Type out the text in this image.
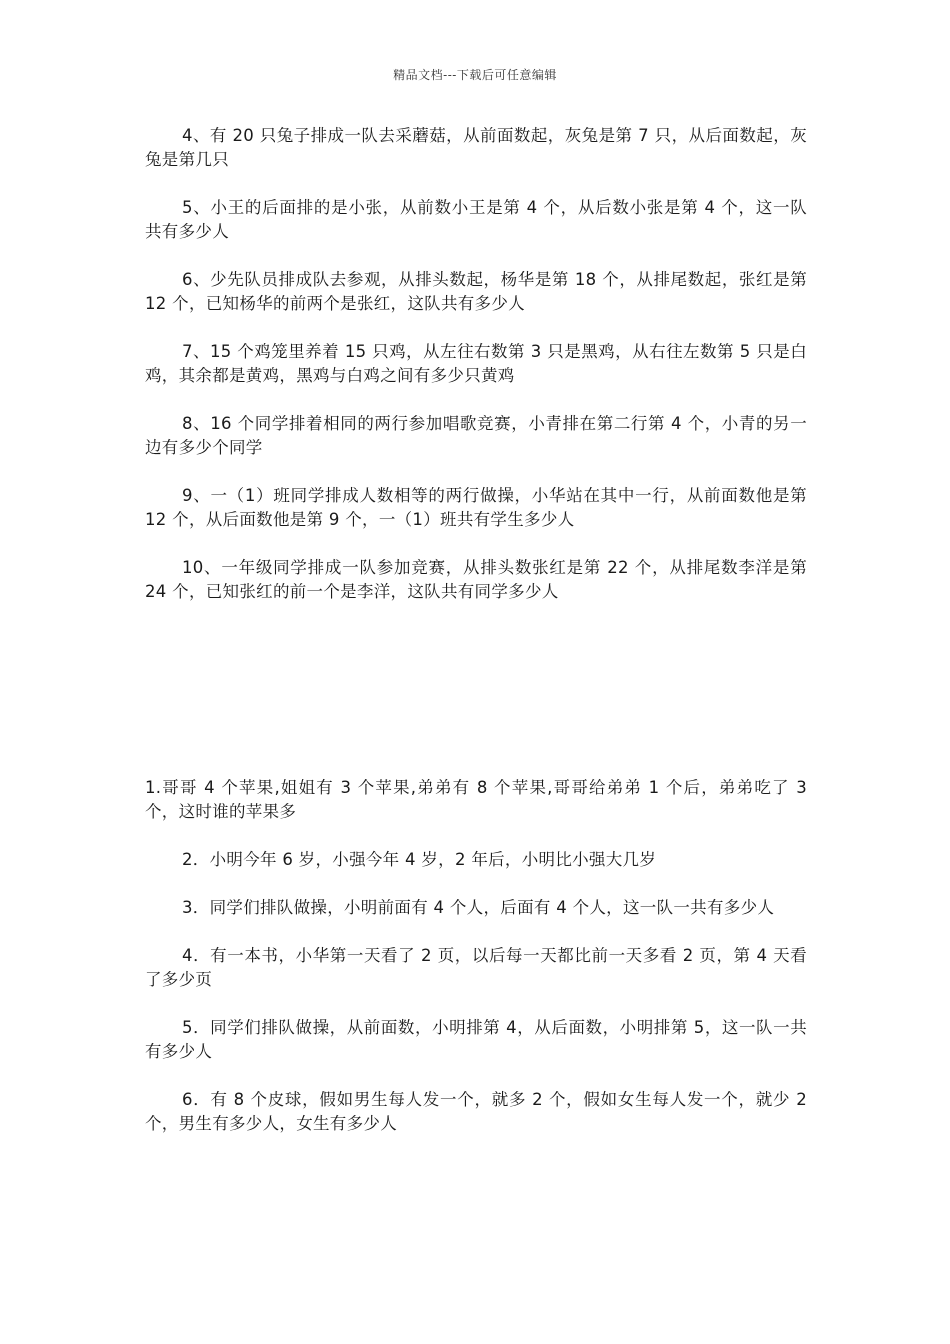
精品文档---下载后可任意编辑

4、有 20 只兔子排成一队去采蘑菇，从前面数起，灰兔是第 7 只，从后面数起，灰兔是第几只

5、小王的后面排的是小张，从前数小王是第 4 个，从后数小张是第 4 个，这一队共有多少人

6、少先队员排成队去参观，从排头数起，杨华是第 18 个，从排尾数起，张红是第 12 个，已知杨华的前两个是张红，这队共有多少人

7、15 个鸡笼里养着 15 只鸡，从左往右数第 3 只是黑鸡，从右往左数第 5 只是白鸡，其余都是黄鸡，黑鸡与白鸡之间有多少只黄鸡

8、16 个同学排着相同的两行参加唱歌竞赛，小青排在第二行第 4 个，小青的另一边有多少个同学

9、一（1）班同学排成人数相等的两行做操，小华站在其中一行，从前面数他是第 12 个，从后面数他是第 9 个，一（1）班共有学生多少人

10、一年级同学排成一队参加竞赛，从排头数张红是第 22 个，从排尾数李洋是第 24 个，已知张红的前一个是李洋，这队共有同学多少人

1.哥哥 4 个苹果,姐姐有 3 个苹果,弟弟有 8 个苹果,哥哥给弟弟 1 个后，弟弟吃了 3 个，这时谁的苹果多

2．小明今年 6 岁，小强今年 4 岁，2 年后，小明比小强大几岁

3．同学们排队做操，小明前面有 4 个人，后面有 4 个人，这一队一共有多少人

4．有一本书，小华第一天看了 2 页，以后每一天都比前一天多看 2 页，第 4 天看了多少页

5．同学们排队做操，从前面数，小明排第 4，从后面数，小明排第 5，这一队一共有多少人

6．有 8 个皮球，假如男生每人发一个，就多 2 个，假如女生每人发一个，就少 2 个，男生有多少人，女生有多少人
